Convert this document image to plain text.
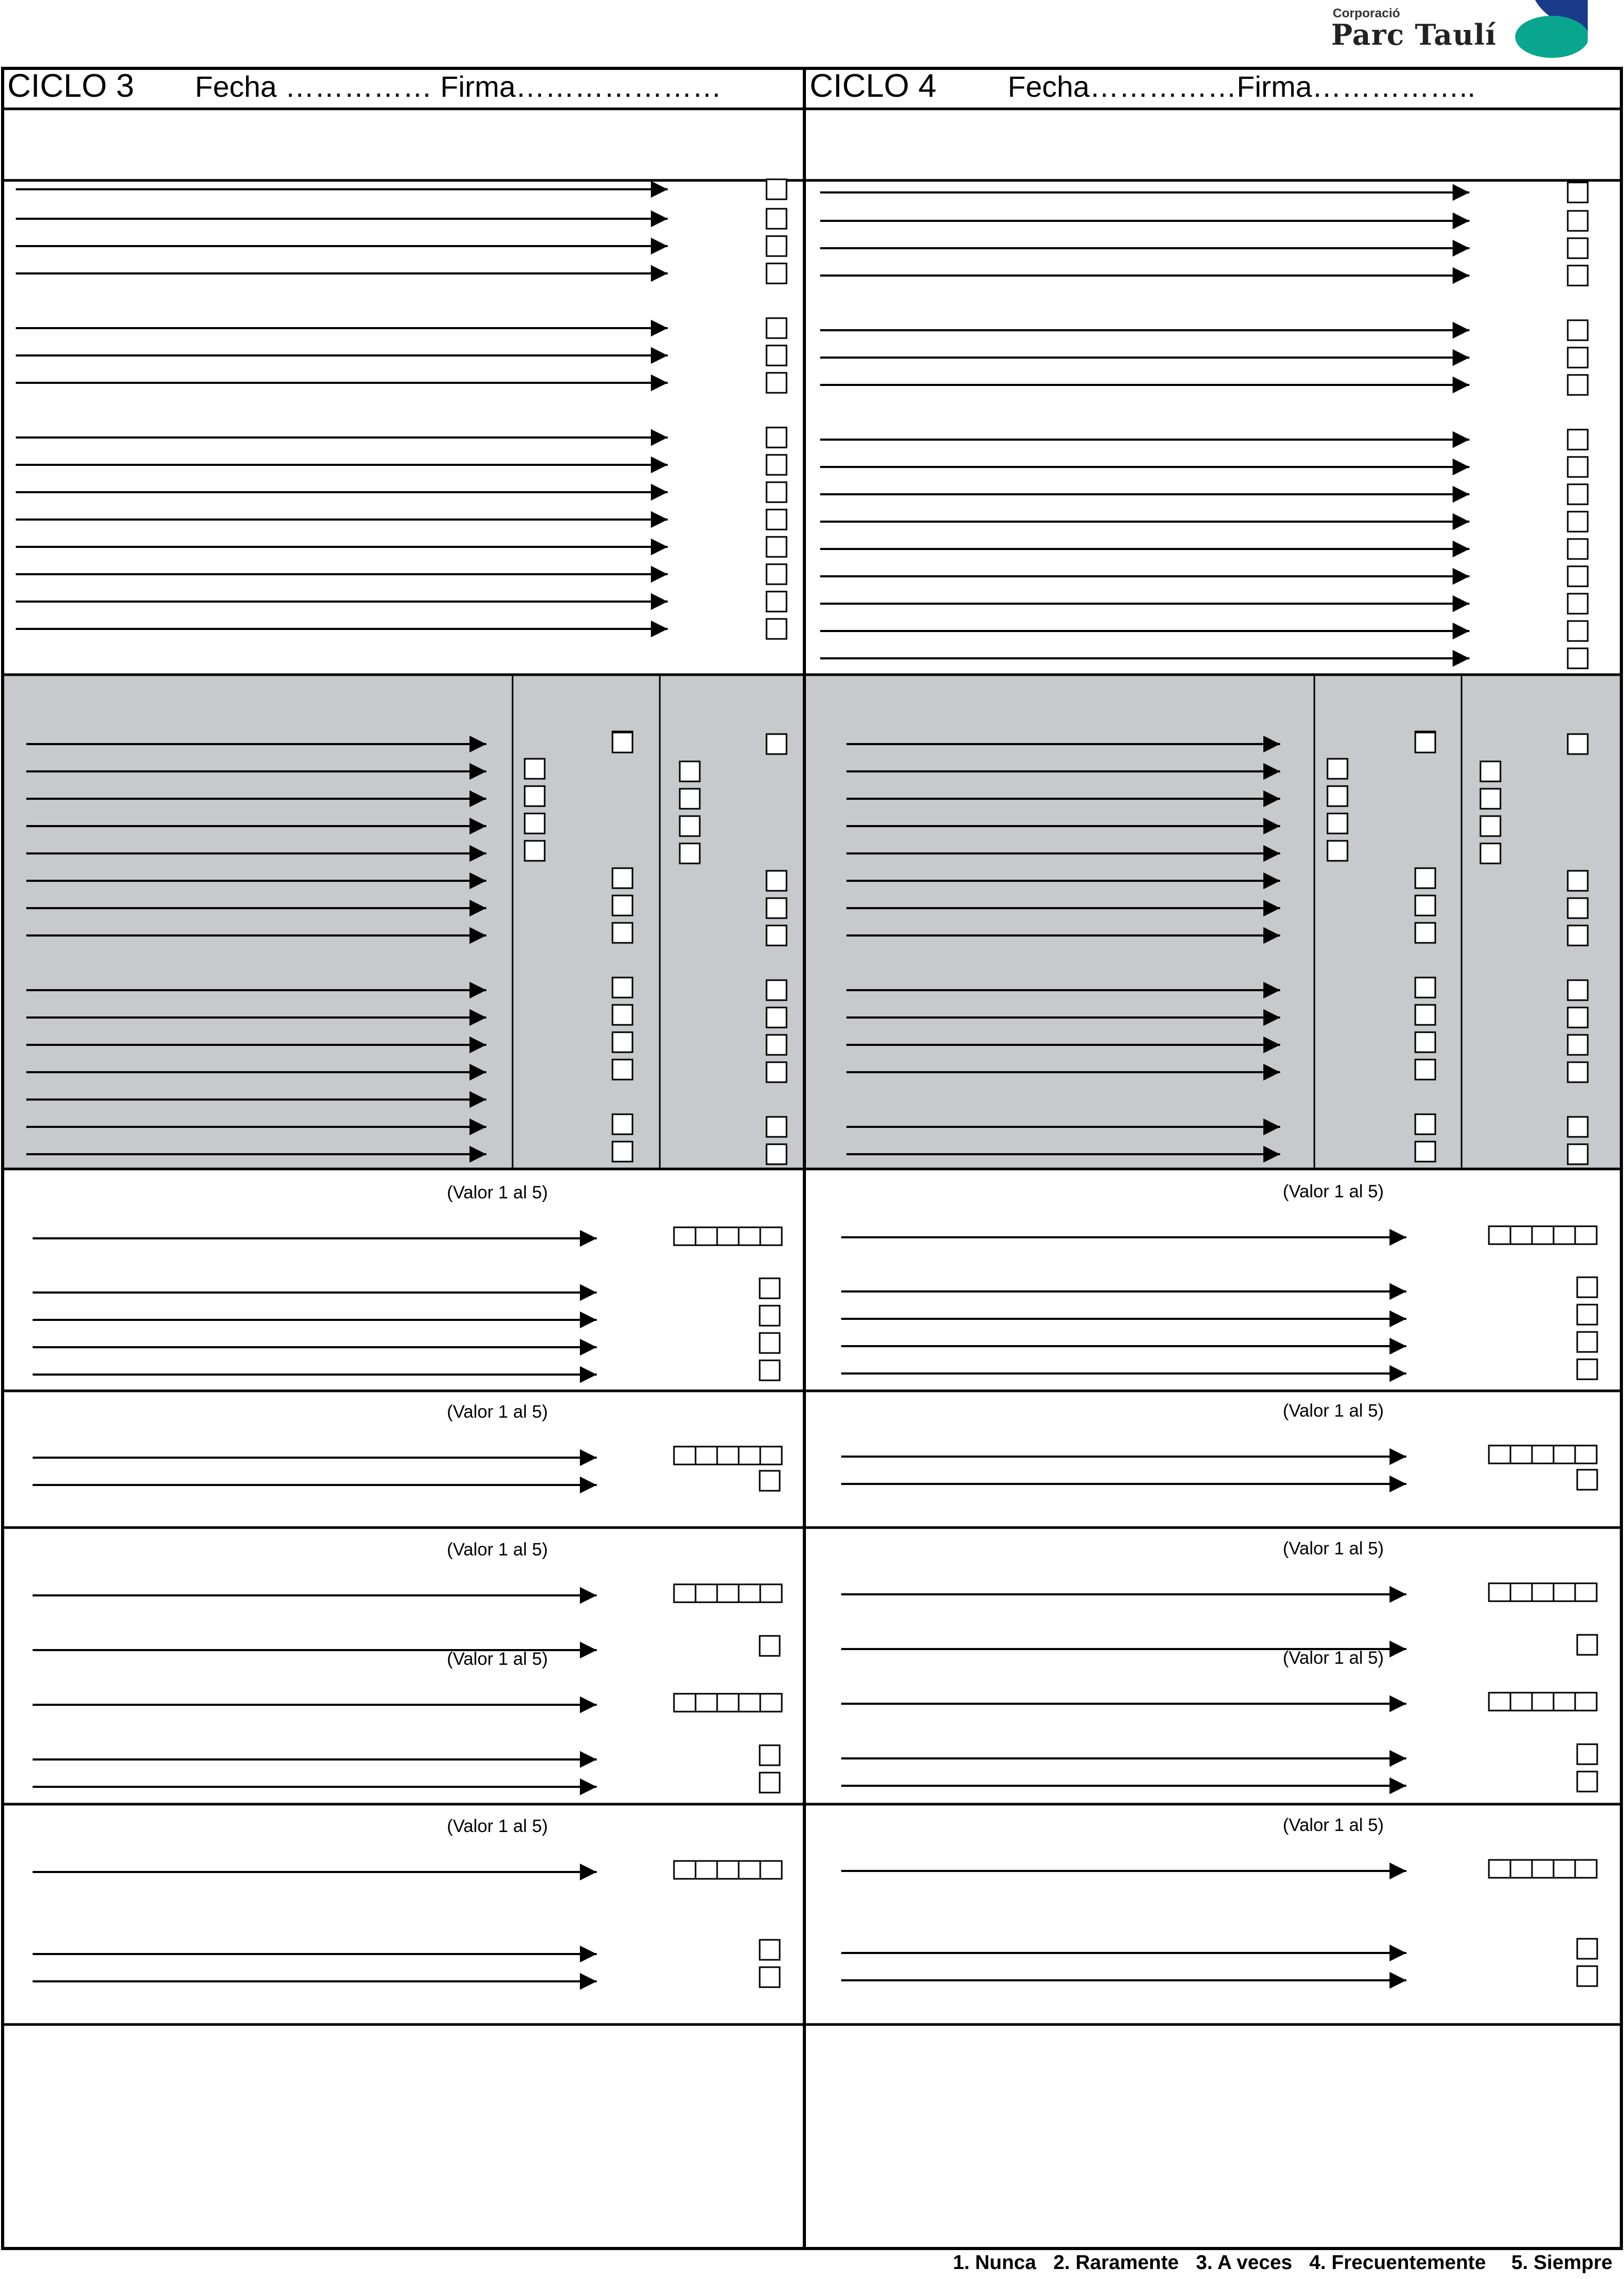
Corporació
Parc Taulí
CICLO 3 Fecha …………… Firma…………………	CICLO 4 Fecha……………Firma……………..
(Valor 1 al 5)	(Valor 1 al 5)
(Valor 1 al 5)	(Valor 1 al 5)
(Valor 1 al 5)	(Valor 1 al 5)
(Valor 1 al 5)	(Valor 1 al 5)
(Valor 1 al 5)	(Valor 1 al 5)
1. Nunca 2. Raramente 3. A veces 4. Frecuentemente 5. Siempre
